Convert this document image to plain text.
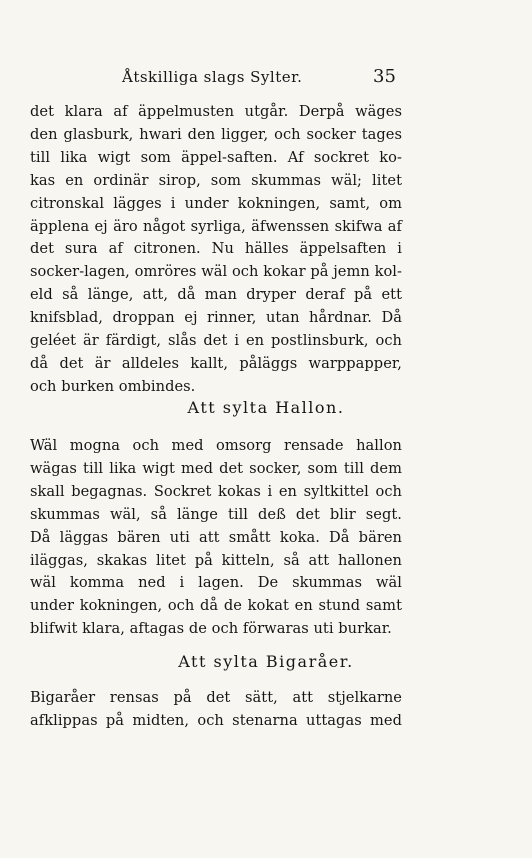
Åtskilliga slags Sylter.	35
det klara af äppelmusten utgår. Derpå wäges
den glasburk, hwari den ligger, och socker tages
till lika wigt som äppel-saften. Af sockret ko-
kas en ordinär sirop, som skummas wäl; litet
citronskal lägges i under kokningen, samt, om
äpplena ej äro något syrliga, äfwenssen skifwa af
det sura af citronen. Nu hälles äppelsaften i
socker-lagen, omröres wäl och kokar på jemn kol-
eld så länge, att, då man dryper deraf på ett
knifsblad, droppan ej rinner, utan hårdnar. Då
geléet är färdigt, slås det i en postlinsburk, och
då det är alldeles kallt, påläggs warppapper,
och burken ombindes.
Att sylta Hallon.
Wäl mogna och med omsorg rensade hallon
wägas till lika wigt med det socker, som till dem
skall begagnas. Sockret kokas i en syltkittel och
skummas wäl, så länge till deß det blir segt.
Då läggas bären uti att smått koka. Då bären
iläggas, skakas litet på kitteln, så att hallonen
wäl komma ned i lagen. De skummas wäl
under kokningen, och då de kokat en stund samt
blifwit klara, aftagas de och förwaras uti burkar.
Att sylta Bigaråer.
Bigaråer rensas på det sätt, att stjelkarne
afklippas på midten, och stenarna uttagas med
